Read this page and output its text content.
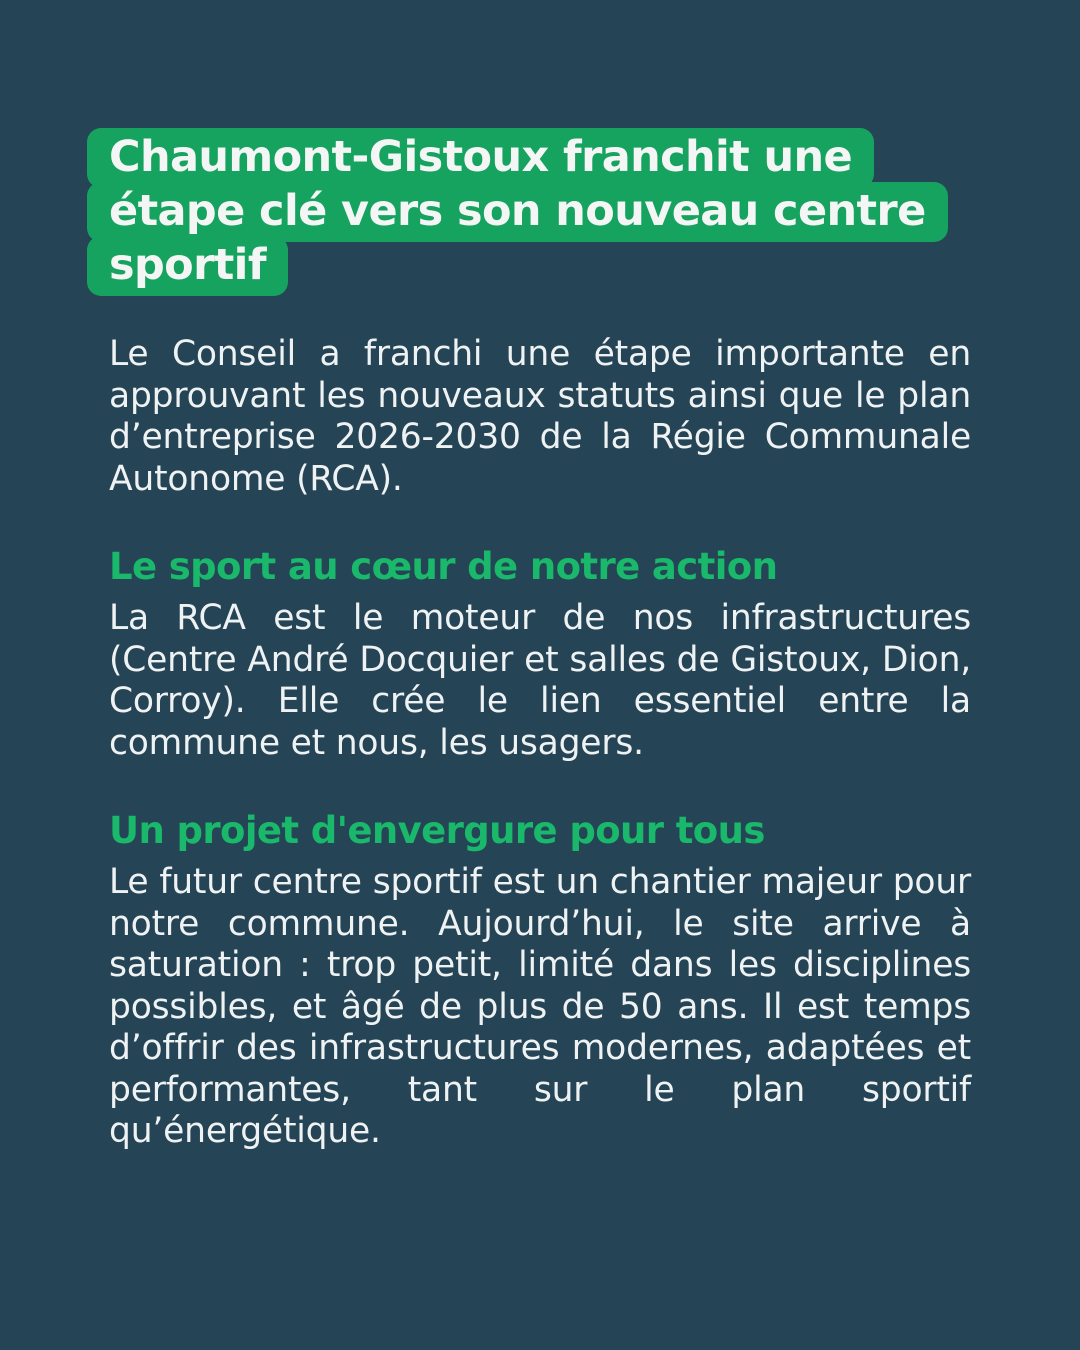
Chaumont-Gistoux franchit une étape clé vers son nouveau centre sportif

Le Conseil a franchi une étape importante en approuvant les nouveaux statuts ainsi que le plan d’entreprise 2026-2030 de la Régie Communale Autonome (RCA).

Le sport au cœur de notre action

La RCA est le moteur de nos infrastructures (Centre André Docquier et salles de Gistoux, Dion, Corroy). Elle crée le lien essentiel entre la commune et nous, les usagers.

Un projet d'envergure pour tous

Le futur centre sportif est un chantier majeur pour notre commune. Aujourd’hui, le site arrive à saturation : trop petit, limité dans les disciplines possibles, et âgé de plus de 50 ans. Il est temps d’offrir des infrastructures modernes, adaptées et performantes, tant sur le plan sportif qu’énergétique.
